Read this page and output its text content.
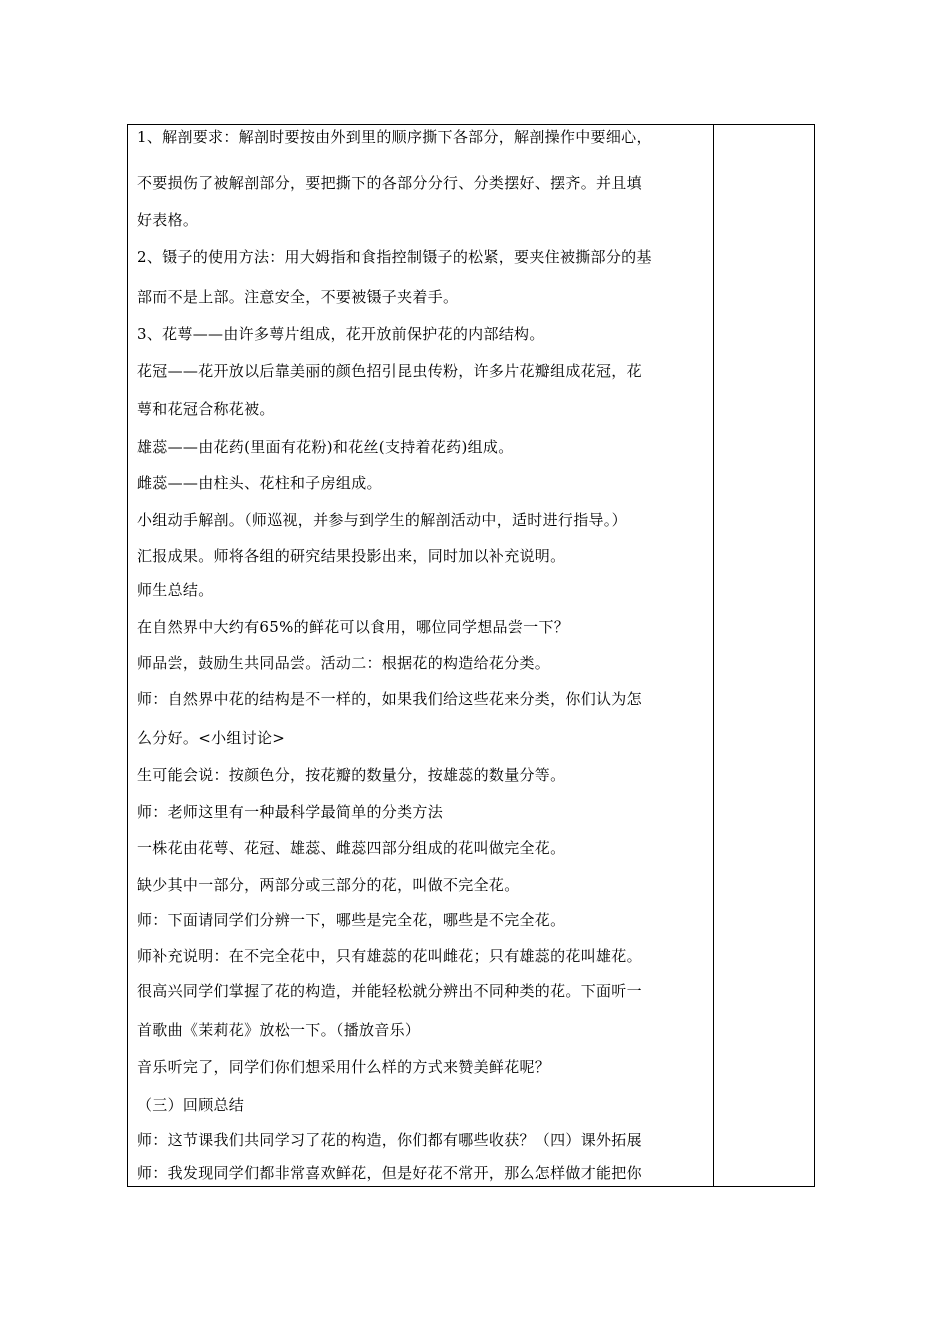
1、解剖要求：解剖时要按由外到里的顺序撕下各部分，解剖操作中要细心，
不要损伤了被解剖部分，要把撕下的各部分分行、分类摆好、摆齐。并且填
好表格。
2、镊子的使用方法：用大姆指和食指控制镊子的松紧，要夹住被撕部分的基
部而不是上部。注意安全，不要被镊子夹着手。
3、花萼——由许多萼片组成，花开放前保护花的内部结构。
花冠——花开放以后靠美丽的颜色招引昆虫传粉，许多片花瓣组成花冠，花
萼和花冠合称花被。
雄蕊——由花药(里面有花粉)和花丝(支持着花药)组成。
雌蕊——由柱头、花柱和子房组成。
小组动手解剖。（师巡视，并参与到学生的解剖活动中，适时进行指导。）
汇报成果。师将各组的研究结果投影出来，同时加以补充说明。
师生总结。
在自然界中大约有65%的鲜花可以食用，哪位同学想品尝一下？
师品尝，鼓励生共同品尝。活动二：根据花的构造给花分类。
师：自然界中花的结构是不一样的，如果我们给这些花来分类，你们认为怎
么分好。<小组讨论>
生可能会说：按颜色分，按花瓣的数量分，按雄蕊的数量分等。
师：老师这里有一种最科学最简单的分类方法
一株花由花萼、花冠、雄蕊、雌蕊四部分组成的花叫做完全花。
缺少其中一部分，两部分或三部分的花，叫做不完全花。
师：下面请同学们分辨一下，哪些是完全花，哪些是不完全花。
师补充说明：在不完全花中，只有雄蕊的花叫雌花；只有雄蕊的花叫雄花。
很高兴同学们掌握了花的构造，并能轻松就分辨出不同种类的花。下面听一
首歌曲《茉莉花》放松一下。（播放音乐）
音乐听完了，同学们你们想采用什么样的方式来赞美鲜花呢？
（三）回顾总结
师：这节课我们共同学习了花的构造，你们都有哪些收获？（四）课外拓展
师：我发现同学们都非常喜欢鲜花，但是好花不常开，那么怎样做才能把你
